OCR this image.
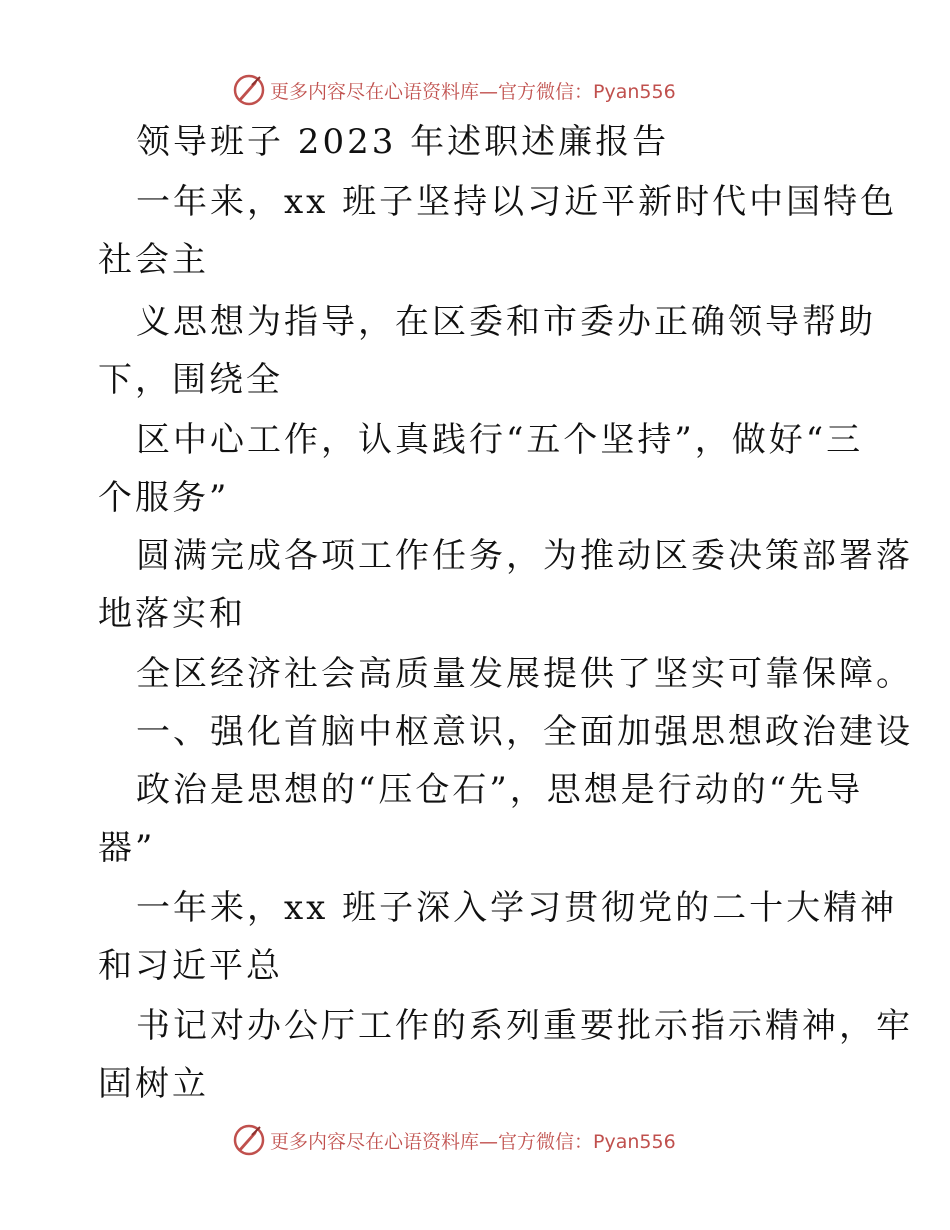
更多内容尽在心语资料库—官方微信：Pyan556
领导班子 2023 年述职述廉报告
一年来，xx 班子坚持以习近平新时代中国特色
社会主
义思想为指导，在区委和市委办正确领导帮助
下，围绕全
区中心工作，认真践行“五个坚持”，做好“三
个服务”
圆满完成各项工作任务，为推动区委决策部署落
地落实和
全区经济社会高质量发展提供了坚实可靠保障。
一、强化首脑中枢意识，全面加强思想政治建设
政治是思想的“压仓石”，思想是行动的“先导
器”
一年来，xx 班子深入学习贯彻党的二十大精神
和习近平总
书记对办公厅工作的系列重要批示指示精神，牢
固树立
更多内容尽在心语资料库—官方微信：Pyan556
